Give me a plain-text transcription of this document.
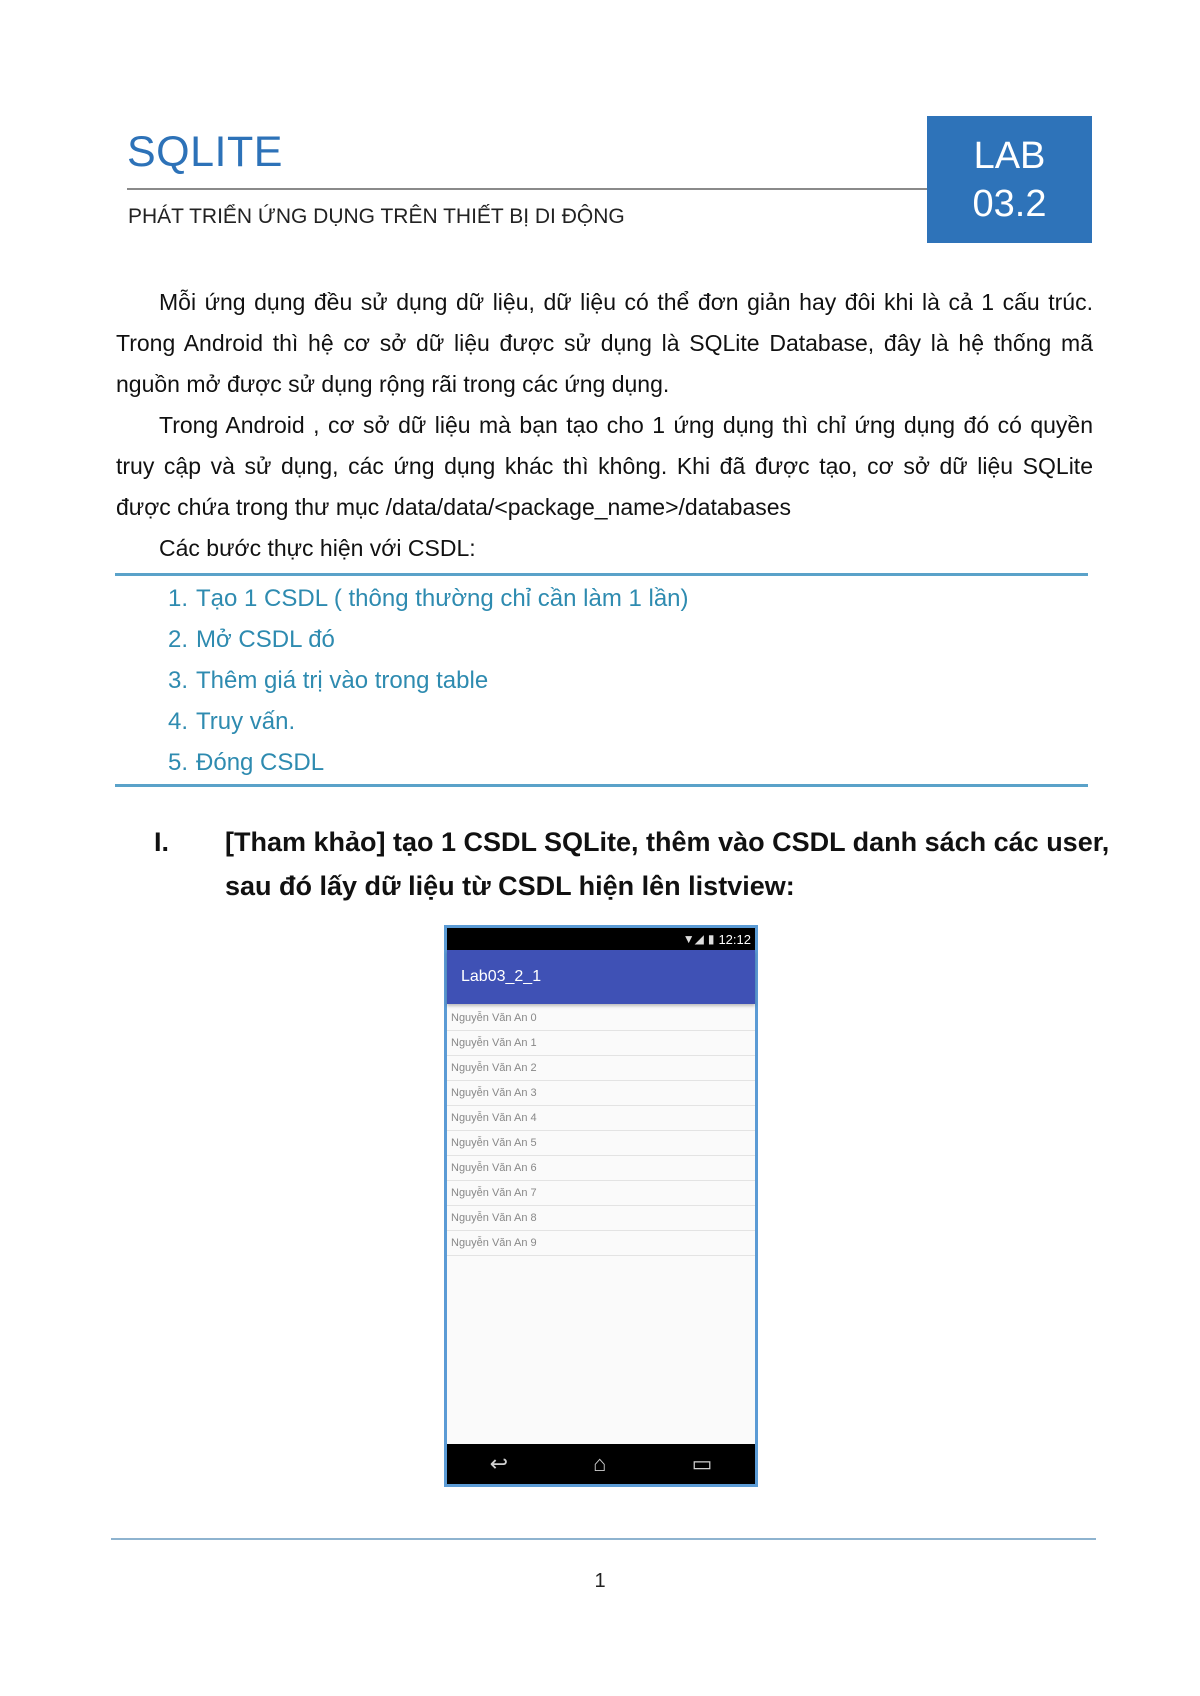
SQLITE
PHÁT TRIỂN ỨNG DỤNG TRÊN THIẾT BỊ DI ĐỘNG
LAB
03.2

Mỗi ứng dụng đều sử dụng dữ liệu, dữ liệu có thể đơn giản hay đôi khi là cả 1 cấu trúc. Trong Android thì hệ cơ sở dữ liệu được sử dụng là SQLite Database, đây là hệ thống mã nguồn mở được sử dụng rộng rãi trong các ứng dụng.

Trong Android , cơ sở dữ liệu mà bạn tạo cho 1 ứng dụng thì chỉ ứng dụng đó có quyền truy cập và sử dụng, các ứng dụng khác thì không. Khi đã được tạo, cơ sở dữ liệu SQLite được chứa trong thư mục /data/data/<package_name>/databases

Các bước thực hiện với CSDL:

1. Tạo 1 CSDL ( thông thường chỉ cần làm 1 lần)
2. Mở CSDL đó
3. Thêm giá trị vào trong table
4. Truy vấn.
5. Đóng CSDL
I. [Tham khảo] tạo 1 CSDL SQLite, thêm vào CSDL danh sách các user, sau đó lấy dữ liệu từ CSDL hiện lên listview:
▼◢ ▮ 12:12
Lab03_2_1
Nguyễn Văn An 0
Nguyễn Văn An 1
Nguyễn Văn An 2
Nguyễn Văn An 3
Nguyễn Văn An 4
Nguyễn Văn An 5
Nguyễn Văn An 6
Nguyễn Văn An 7
Nguyễn Văn An 8
Nguyễn Văn An 9
↩	⌂	▭
1
